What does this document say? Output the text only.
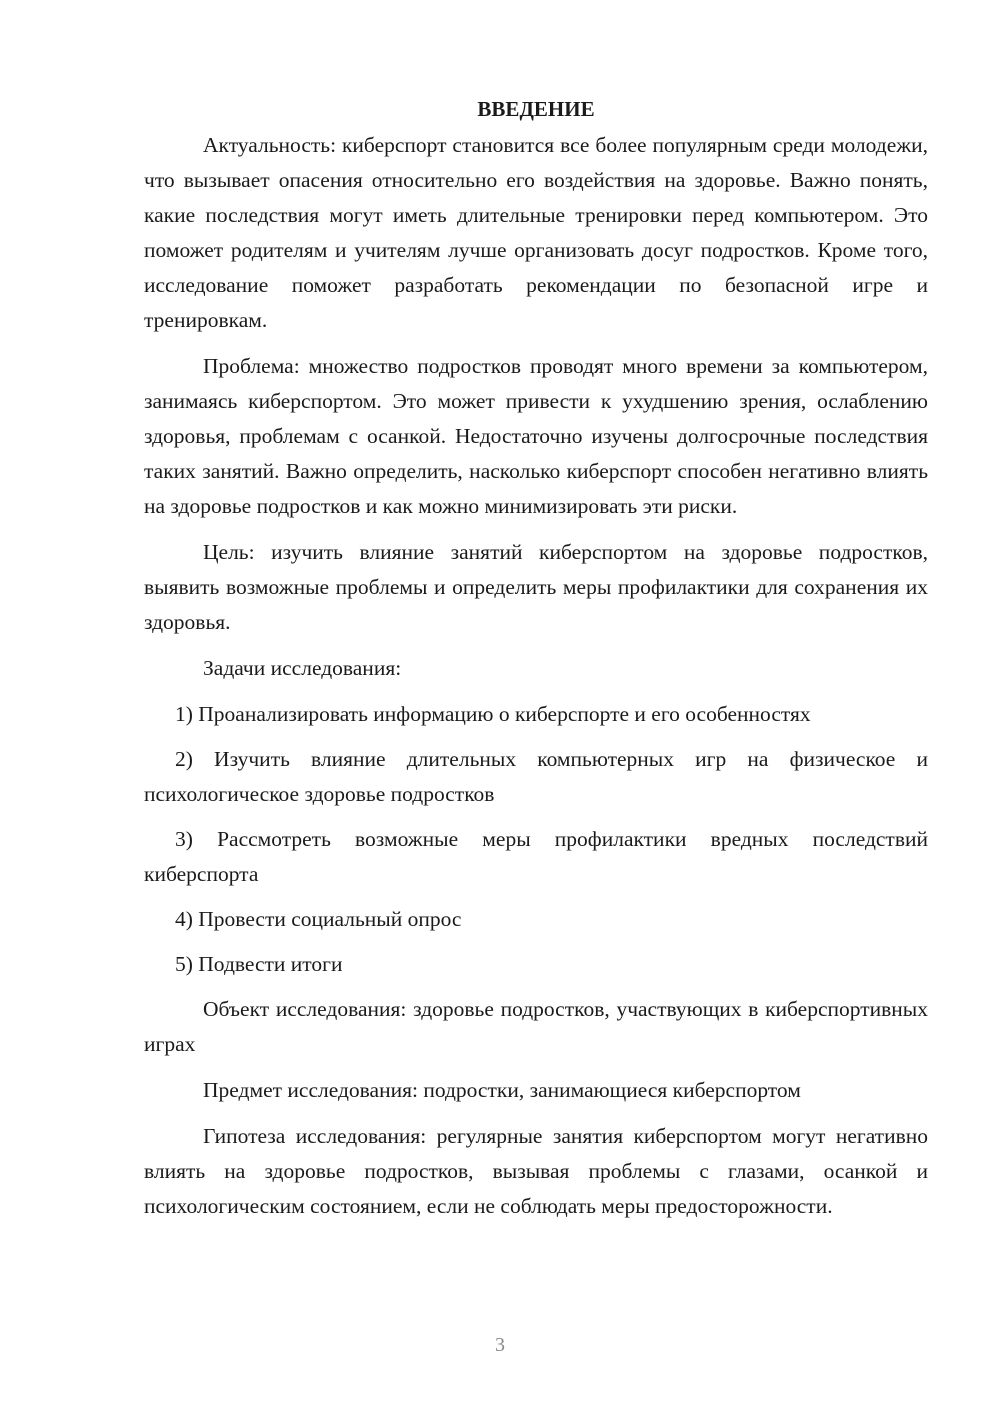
ВВЕДЕНИЕ

Актуальность: киберспорт становится все более популярным среди молодежи, что вызывает опасения относительно его воздействия на здоровье. Важно понять, какие последствия могут иметь длительные тренировки перед компьютером. Это поможет родителям и учителям лучше организовать досуг подростков. Кроме того, исследование поможет разработать рекомендации по безопасной игре и тренировкам.

Проблема: множество подростков проводят много времени за компьютером, занимаясь киберспортом. Это может привести к ухудшению зрения, ослаблению здоровья, проблемам с осанкой. Недостаточно изучены долгосрочные последствия таких занятий. Важно определить, насколько киберспорт способен негативно влиять на здоровье подростков и как можно минимизировать эти риски.

Цель: изучить влияние занятий киберспортом на здоровье подростков, выявить возможные проблемы и определить меры профилактики для сохранения их здоровья.

Задачи исследования:

1) Проанализировать информацию о киберспорте и его особенностях

2) Изучить влияние длительных компьютерных игр на физическое и психологическое здоровье подростков

3) Рассмотреть возможные меры профилактики вредных последствий киберспорта

4) Провести социальный опрос

5) Подвести итоги

Объект исследования: здоровье подростков, участвующих в киберспортивных играх

Предмет исследования: подростки, занимающиеся киберспортом

Гипотеза исследования: регулярные занятия киберспортом могут негативно влиять на здоровье подростков, вызывая проблемы с глазами, осанкой и психологическим состоянием, если не соблюдать меры предосторожности.

3
